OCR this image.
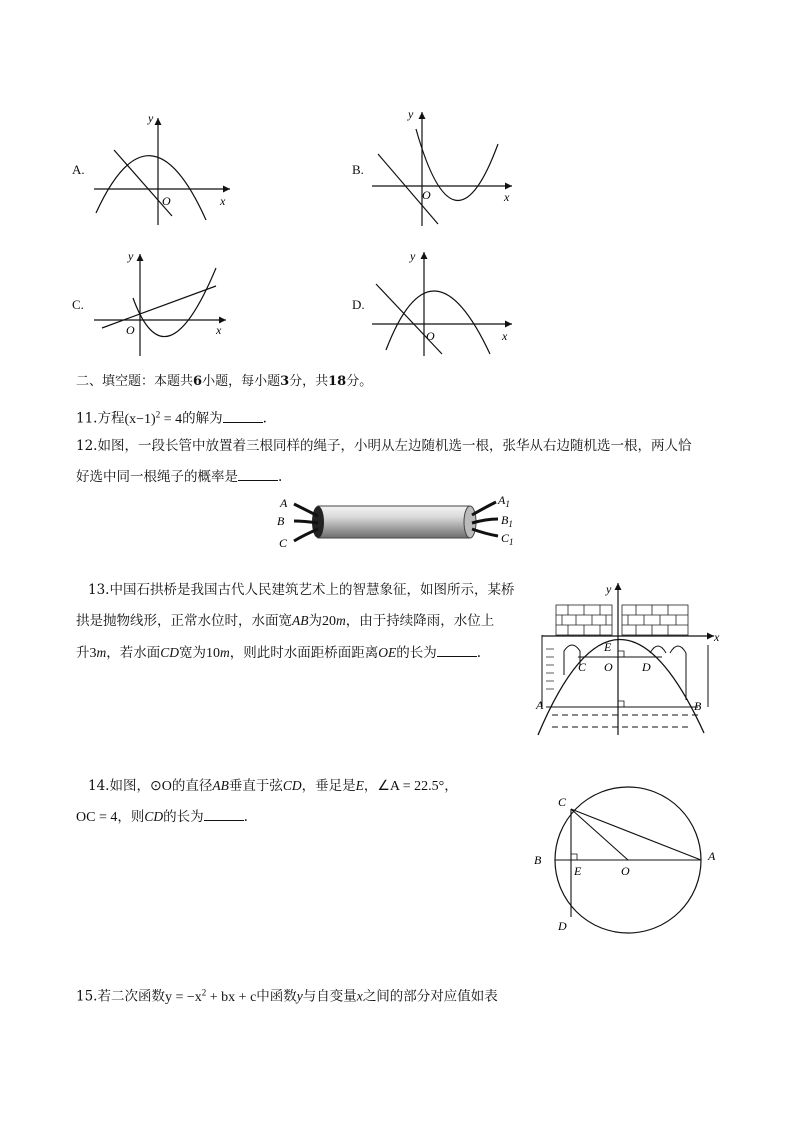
A.
y
x
O
B.
y
x
O
C.
y
x
O
D.
y
x
O
二、填空题：本题共6小题，每小题3分，共18分。
11.方程$(x-1)^2 = 4$的解为	.
12.如图，一段长管中放置着三根同样的绳子，小明从左边随机选一根，张华从右边随机选一根，两人恰
好选中同一根绳子的概率是	.
A
B
C
$A_1$
$B_1$
$C_1$
13.中国石拱桥是我国古代人民建筑艺术上的智慧象征，如图所示，某桥
拱是抛物线形，正常水位时，水面宽AB为20m，由于持续降雨，水位上
升3m，若水面CD宽为10m，则此时水面距桥面距离OE的长为	.
y
x
E
C O D
A	B
14.如图，⊙O的直径AB垂直于弦CD，垂足是E，∠A = 22.5°，
OC = 4，则CD的长为	.
C
B
E	O
A
D
15.若二次函数$y = -x^2$ + bx + c中函数y与自变量x之间的部分对应值如表
